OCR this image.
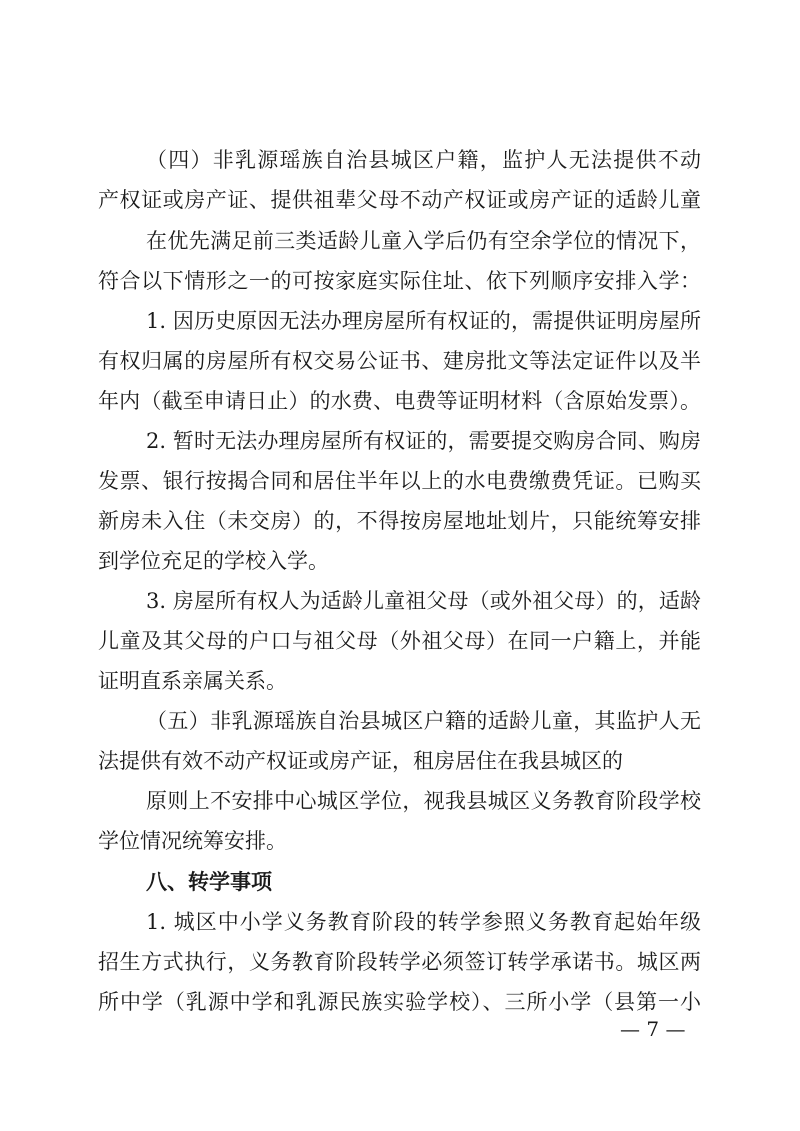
（四）非乳源瑶族自治县城区户籍，监护人无法提供不动
产权证或房产证、提供祖辈父母不动产权证或房产证的适龄儿童
在优先满足前三类适龄儿童入学后仍有空余学位的情况下，
符合以下情形之一的可按家庭实际住址、依下列顺序安排入学：
1. 因历史原因无法办理房屋所有权证的，需提供证明房屋所
有权归属的房屋所有权交易公证书、建房批文等法定证件以及半
年内（截至申请日止）的水费、电费等证明材料（含原始发票）。
2. 暂时无法办理房屋所有权证的，需要提交购房合同、购房
发票、银行按揭合同和居住半年以上的水电费缴费凭证。已购买
新房未入住（未交房）的，不得按房屋地址划片，只能统筹安排
到学位充足的学校入学。
3. 房屋所有权人为适龄儿童祖父母（或外祖父母）的，适龄
儿童及其父母的户口与祖父母（外祖父母）在同一户籍上，并能
证明直系亲属关系。
（五）非乳源瑶族自治县城区户籍的适龄儿童，其监护人无
法提供有效不动产权证或房产证，租房居住在我县城区的
原则上不安排中心城区学位，视我县城区义务教育阶段学校
学位情况统筹安排。
八、转学事项
1. 城区中小学义务教育阶段的转学参照义务教育起始年级
招生方式执行，义务教育阶段转学必须签订转学承诺书。城区两
所中学（乳源中学和乳源民族实验学校）、三所小学（县第一小
— 7 —
